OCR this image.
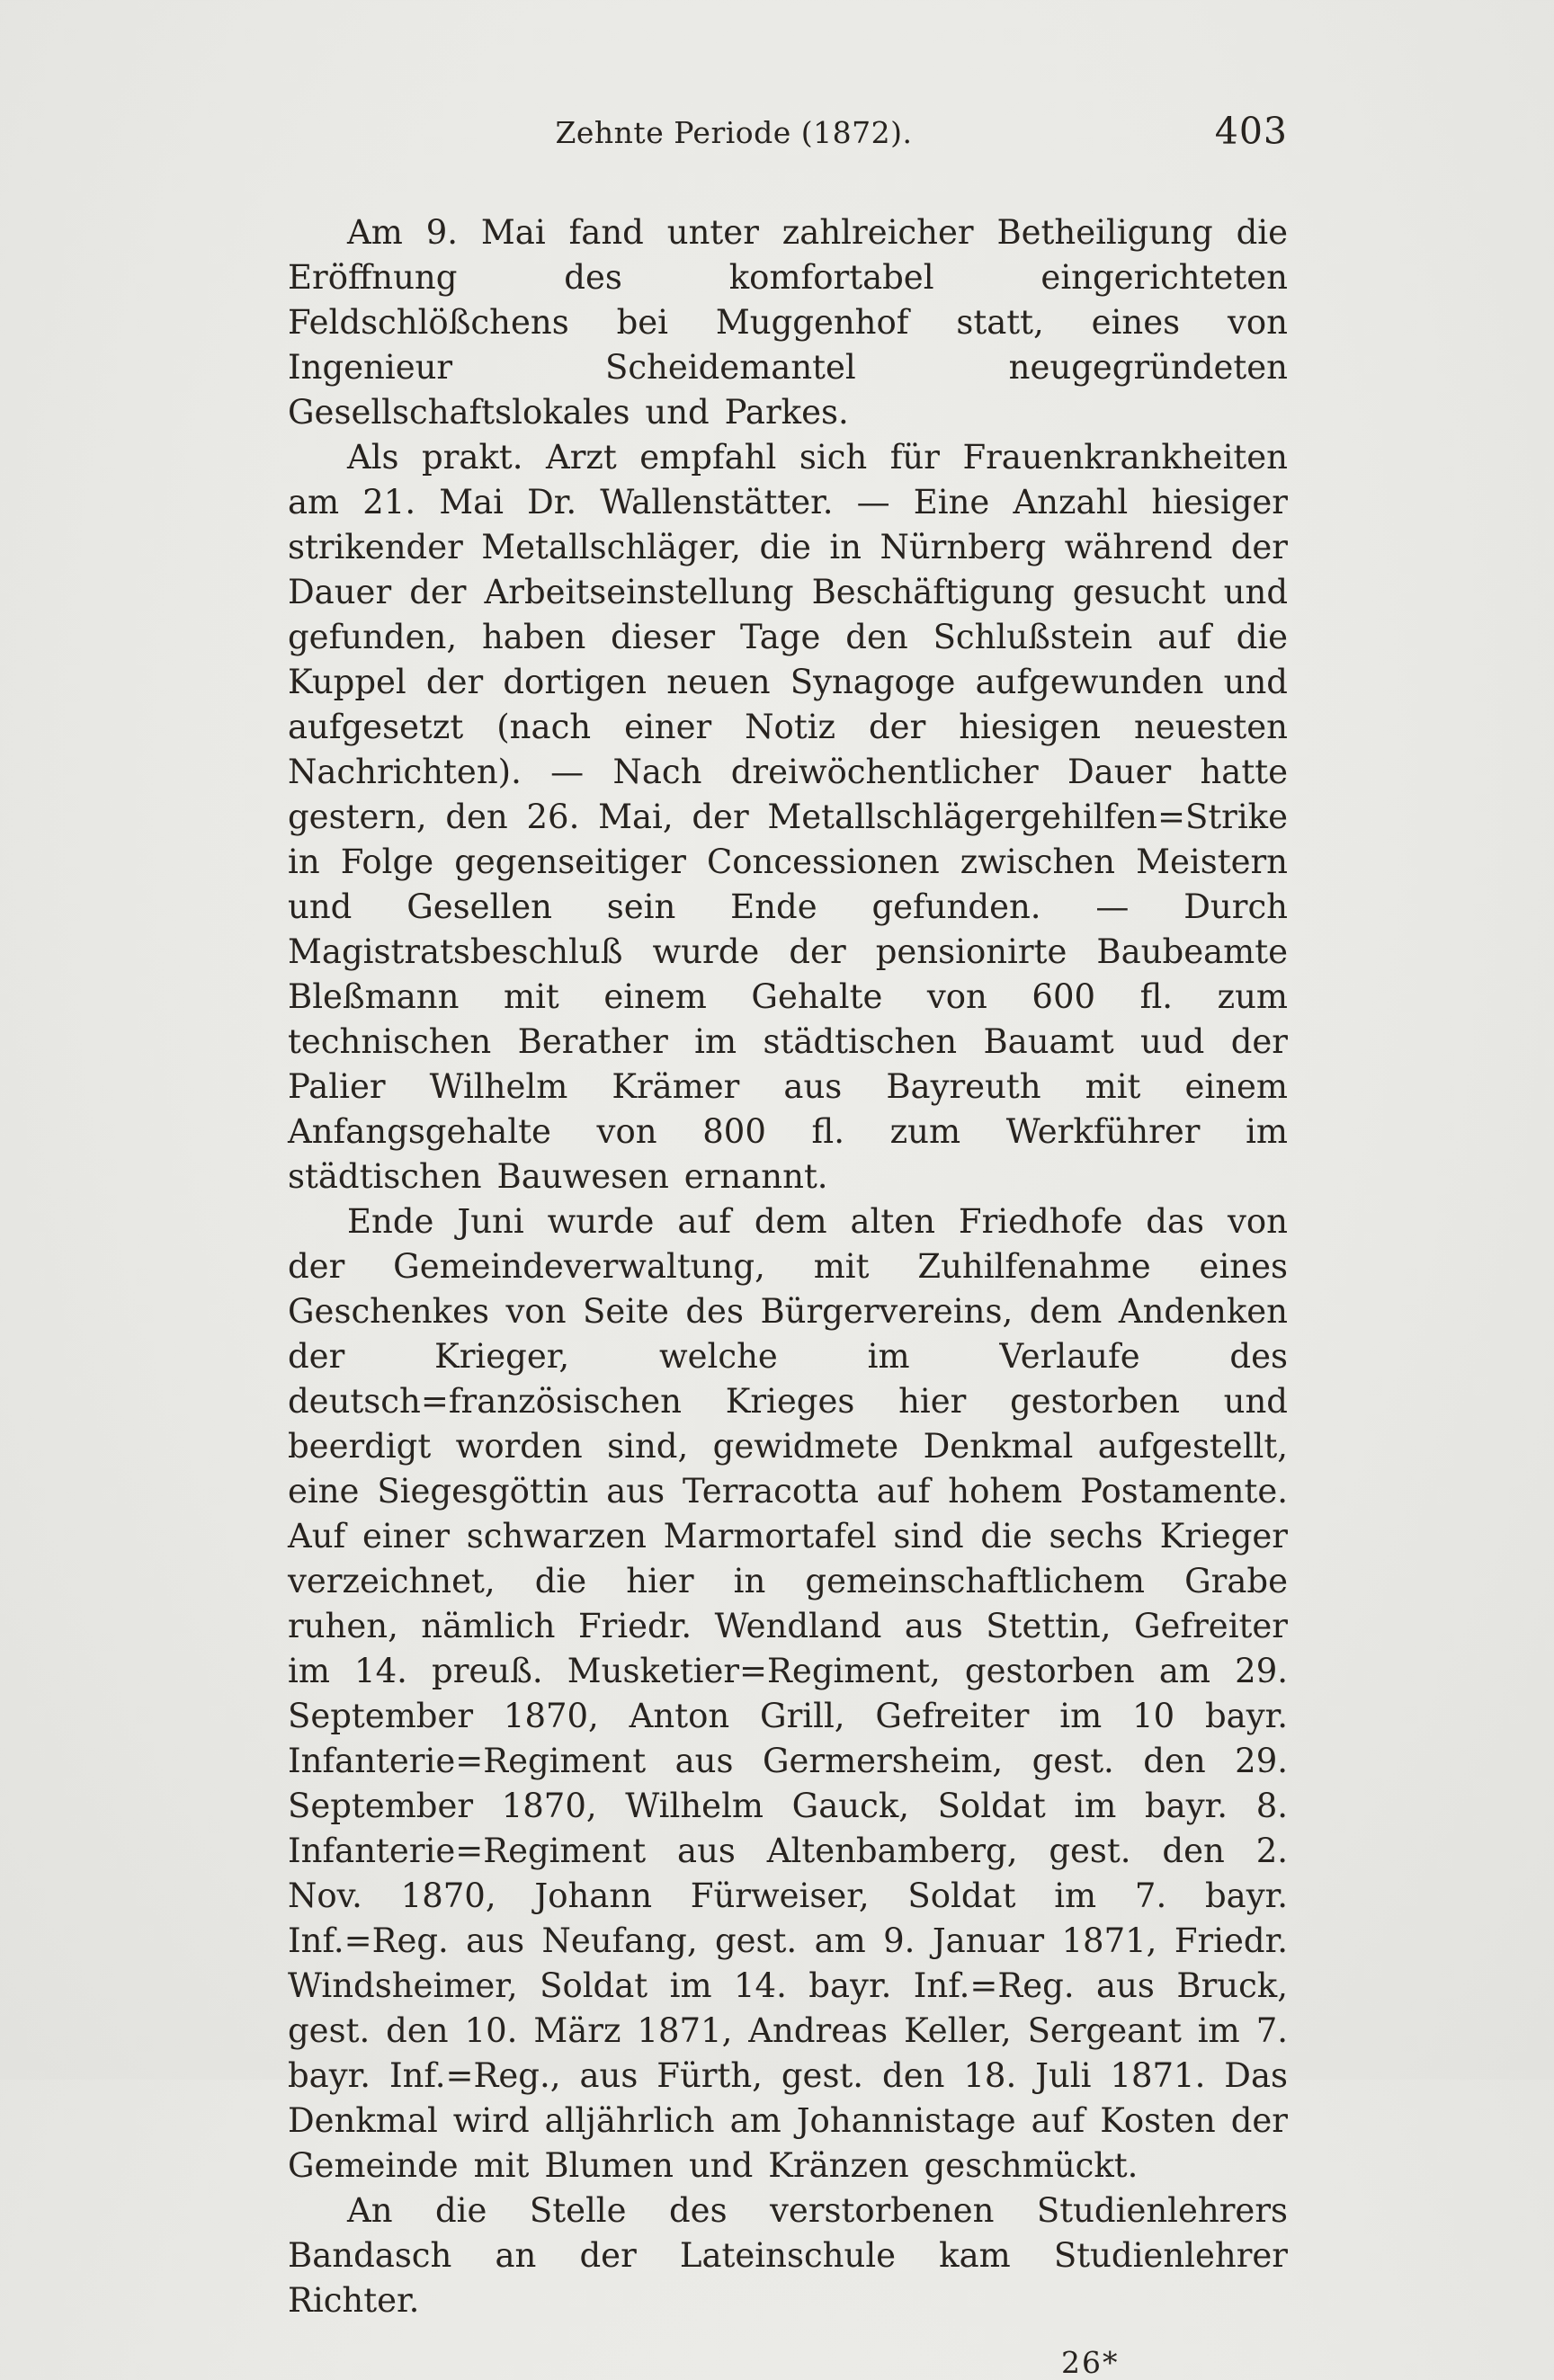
Zehnte Periode (1872).	403

Am 9. Mai fand unter zahlreicher Betheiligung die Eröffnung des komfortabel eingerichteten Feldschlößchens bei Muggenhof statt, eines von Ingenieur Scheidemantel neugegründeten Gesellschaftslokales und Parkes.

Als prakt. Arzt empfahl sich für Frauenkrankheiten am 21. Mai Dr. Wallenstätter. — Eine Anzahl hiesiger strikender Metallschläger, die in Nürnberg während der Dauer der Arbeitseinstellung Beschäftigung gesucht und gefunden, haben dieser Tage den Schlußstein auf die Kuppel der dortigen neuen Synagoge aufgewunden und aufgesetzt (nach einer Notiz der hiesigen neuesten Nachrichten). — Nach dreiwöchentlicher Dauer hatte gestern, den 26. Mai, der Metallschlägergehilfen=Strike in Folge gegenseitiger Concessionen zwischen Meistern und Gesellen sein Ende gefunden. — Durch Magistratsbeschluß wurde der pensionirte Baubeamte Bleßmann mit einem Gehalte von 600 fl. zum technischen Berather im städtischen Bauamt uud der Palier Wilhelm Krämer aus Bayreuth mit einem Anfangsgehalte von 800 fl. zum Werkführer im städtischen Bauwesen ernannt.

Ende Juni wurde auf dem alten Friedhofe das von der Gemeindeverwaltung, mit Zuhilfenahme eines Geschenkes von Seite des Bürgervereins, dem Andenken der Krieger, welche im Verlaufe des deutsch=französischen Krieges hier gestorben und beerdigt worden sind, gewidmete Denkmal aufgestellt, eine Siegesgöttin aus Terracotta auf hohem Postamente. Auf einer schwarzen Marmortafel sind die sechs Krieger verzeichnet, die hier in gemeinschaftlichem Grabe ruhen, nämlich Friedr. Wendland aus Stettin, Gefreiter im 14. preuß. Musketier=Regiment, gestorben am 29. September 1870, Anton Grill, Gefreiter im 10 bayr. Infanterie=Regiment aus Germersheim, gest. den 29. September 1870, Wilhelm Gauck, Soldat im bayr. 8. Infanterie=Regiment aus Altenbamberg, gest. den 2. Nov. 1870, Johann Fürweiser, Soldat im 7. bayr. Inf.=Reg. aus Neufang, gest. am 9. Januar 1871, Friedr. Windsheimer, Soldat im 14. bayr. Inf.=Reg. aus Bruck, gest. den 10. März 1871, Andreas Keller, Sergeant im 7. bayr. Inf.=Reg., aus Fürth, gest. den 18. Juli 1871. Das Denkmal wird alljährlich am Johannistage auf Kosten der Gemeinde mit Blumen und Kränzen geschmückt.

An die Stelle des verstorbenen Studienlehrers Bandasch an der Lateinschule kam Studienlehrer Richter.

26*
